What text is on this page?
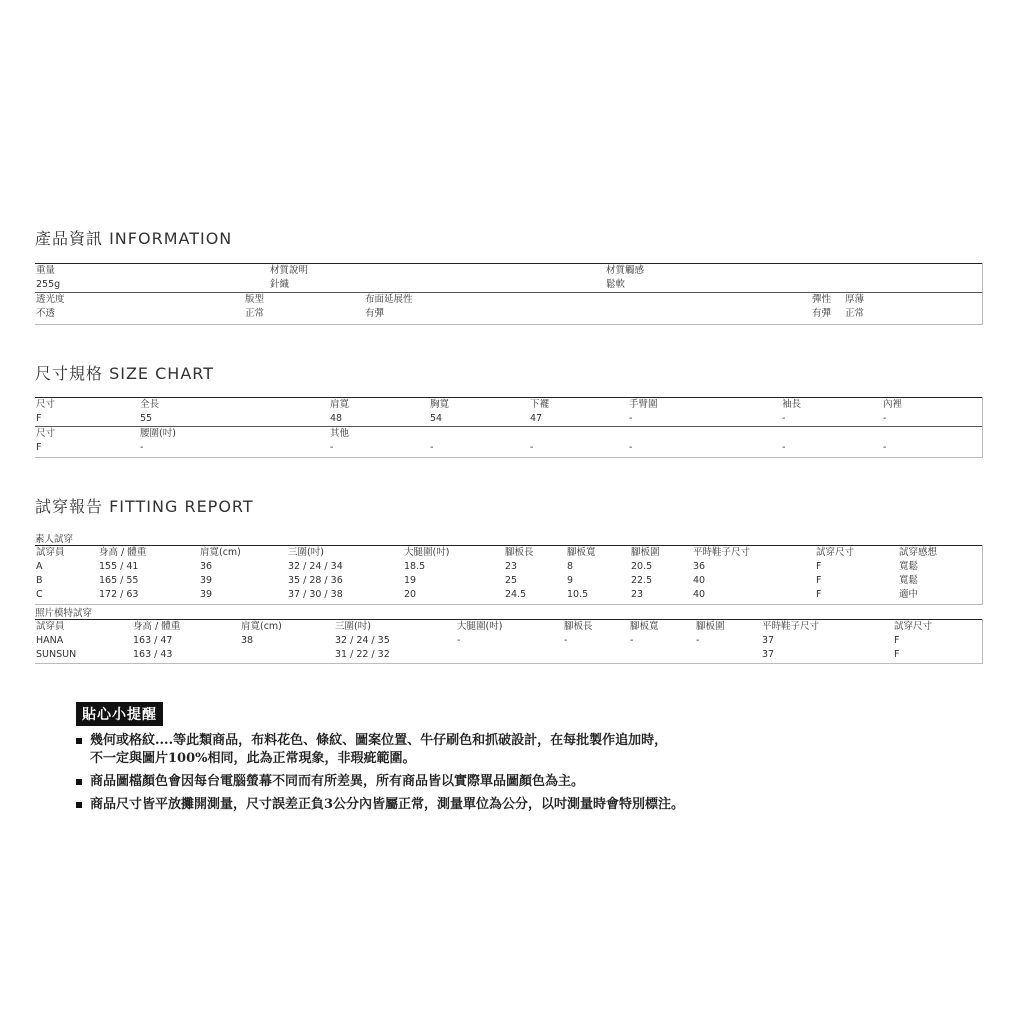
產品資訊 INFORMATION
重量	材質說明		材質觸感		
255g	針織		鬆軟		
透光度	版型	布面延展性		彈性	厚薄
不透	正常	有彈		有彈	正常
尺寸規格 SIZE CHART
尺寸	全長	肩寬	胸寬	下襬	手臂圍	袖長	內裡
F	55	48	54	47	-	-	-
尺寸	腰圍(吋)	其他					
F	-	-	-	-	-	-	-
試穿報告 FITTING REPORT
素人試穿
試穿員	身高 / 體重	肩寬(cm)	三圍(吋)	大腿圍(吋)	腳板長	腳板寬	腳板圍	平時鞋子尺寸	試穿尺寸	試穿感想
A	155 / 41	36	32 / 24 / 34	18.5	23	8	20.5	36	F	寬鬆
B	165 / 55	39	35 / 28 / 36	19	25	9	22.5	40	F	寬鬆
C	172 / 63	39	37 / 30 / 38	20	24.5	10.5	23	40	F	適中
照片模特試穿
試穿員	身高 / 體重	肩寬(cm)	三圍(吋)	大腿圍(吋)	腳板長	腳板寬	腳板圍	平時鞋子尺寸	試穿尺寸
HANA	163 / 47	38	32 / 24 / 35	-	-	-	-	37	F
SUNSUN	163 / 43		31 / 22 / 32					37	F
貼心小提醒
幾何或格紋....等此類商品，布料花色、條紋、圖案位置、牛仔刷色和抓破設計，在每批製作追加時，
不一定與圖片100%相同，此為正常現象，非瑕疵範圍。
商品圖檔顏色會因每台電腦螢幕不同而有所差異，所有商品皆以實際單品圖顏色為主。
商品尺寸皆平放攤開測量，尺寸誤差正負3公分內皆屬正常，測量單位為公分，以吋測量時會特別標注。
